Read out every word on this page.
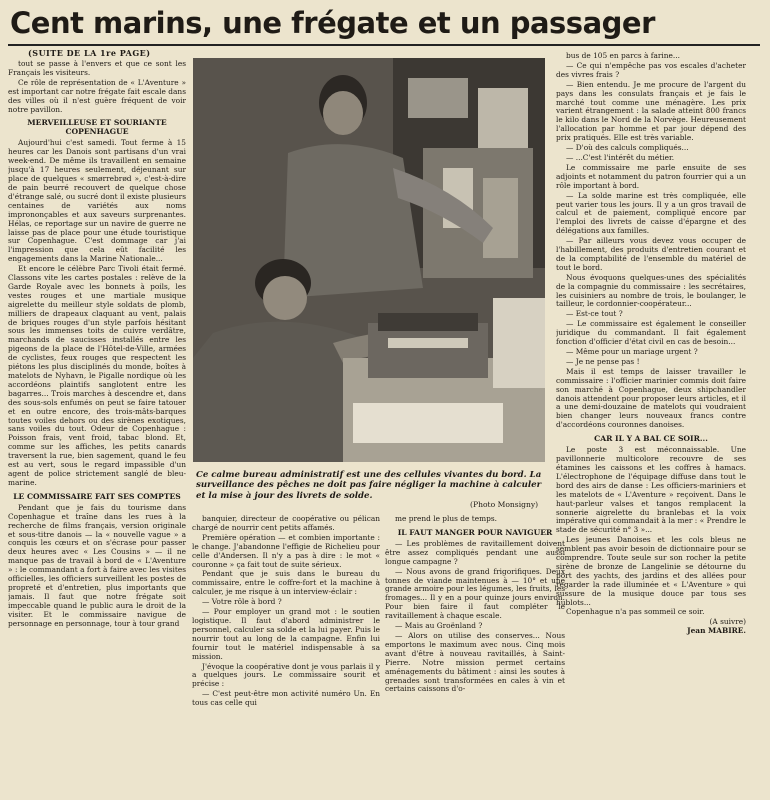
Cent marins, une frégate et un passager
(SUITE DE LA 1re PAGE)

tout se passe à l'envers et que ce sont les Français les visiteurs.

Ce rôle de représentation de « L'Aventure » est important car notre frégate fait escale dans des villes où il n'est guère fréquent de voir notre pavillon.

MERVEILLEUSE ET SOURIANTE COPENHAGUE

Aujourd'hui c'est samedi. Tout ferme à 15 heures car les Danois sont partisans d'un vrai week-end. De même ils travaillent en semaine jusqu'à 17 heures seulement, déjeunant sur place de quelques « smørrebrød », c'est-à-dire de pain beurré recouvert de quelque chose d'étrange salé, ou sucré dont il existe plusieurs centaines de variétés aux noms imprononçables et aux saveurs surprenantes. Hélas, ce reportage sur un navire de guerre ne laisse pas de place pour une étude touristique sur Copenhague. C'est dommage car j'ai l'impression que cela eût facilité les engagements dans la Marine Nationale...

Et encore le célèbre Parc Tivoli était fermé. Classons vite les cartes postales : relève de la Garde Royale avec les bonnets à poils, les vestes rouges et une martiale musique aigrelette du meilleur style soldats de plomb, milliers de drapeaux claquant au vent, palais de briques rouges d'un style parfois hésitant sous les immenses toits de cuivre verdâtre, marchands de saucisses installés entre les pigeons de la place de l'Hôtel-de-Ville, armées de cyclistes, feux rouges que respectent les piétons les plus disciplinés du monde, boîtes à matelots de Nyhavn, le Pigalle nordique où les accordéons plaintifs sanglotent entre les bagarres... Trois marches à descendre et, dans des sous-sols enfumés on peut se faire tatouer et en outre encore, des trois-mâts-barques toutes voiles dehors ou des sirènes exotiques, sans voiles du tout. Odeur de Copenhague : Poisson frais, vent froid, tabac blond. Et, comme sur les affiches, les petits canards traversent la rue, bien sagement, quand le feu est au vert, sous le regard impassible d'un agent de police strictement sanglé de bleu-marine.

LE COMMISSAIRE FAIT SES COMPTES

Pendant que je fais du tourisme dans Copenhague et traîne dans les rues à la recherche de films français, version originale et sous-titre danois — la « nouvelle vague » a conquis les cœurs et on s'écrase pour passer deux heures avec « Les Cousins » — il ne manque pas de travail à bord de « L'Aventure » : le commandant a fort à faire avec les visites officielles, les officiers surveillent les postes de propreté et d'entretien, plus importants que jamais. Il faut que notre frégate soit impeccable quand le public aura le droit de la visiter. Et le commissaire navigue de personnage en personnage, tour à tour grand

Ce calme bureau administratif est une des cellules vivantes du bord. La surveillance des pêches ne doit pas faire négliger la machine à calculer et la mise à jour des livrets de solde.
(Photo Monsigny)

banquier, directeur de coopérative ou pélican chargé de nourrir cent petits affamés.

Première opération — et combien importante : le change. J'abandonne l'effigie de Richelieu pour celle d'Andersen. Il n'y a pas à dire : le mot « couronne » ça fait tout de suite sérieux.

Pendant que je suis dans le bureau du commissaire, entre le coffre-fort et la machine à calculer, je me risque à un interview-éclair :

— Votre rôle à bord ?

— Pour employer un grand mot : le soutien logistique. Il faut d'abord administrer le personnel, calculer sa solde et la lui payer. Puis le nourrir tout au long de la campagne. Enfin lui fournir tout le matériel indispensable à sa mission.

J'évoque la coopérative dont je vous parlais il y a quelques jours. Le commissaire sourit et précise :

— C'est peut-être mon activité numéro Un. En tous cas celle qui

me prend le plus de temps.

IL FAUT MANGER POUR NAVIGUER

— Les problèmes de ravitaillement doivent être assez compliqués pendant une aussi longue campagne ?

— Nous avons de grand frigorifiques. Deux tonnes de viande maintenues à — 10° et une grande armoire pour les légumes, les fruits, les fromages... Il y en a pour quinze jours environ. Pour bien faire il faut compléter le ravitaillement à chaque escale.

— Mais au Groënland ?

— Alors on utilise des conserves... Nous emportons le maximum avec nous. Cinq mois avant d'être à nouveau ravitaillés, à Saint-Pierre. Notre mission permet certains aménagements du bâtiment : ainsi les soutes à grenades sont transformées en cales à vin et certains caissons d'o-

bus de 105 en parcs à farine...

— Ce qui n'empêche pas vos escales d'acheter des vivres frais ?

— Bien entendu. Je me procure de l'argent du pays dans les consulats français et je fais le marché tout comme une ménagère. Les prix varient étrangement : la salade atteint 800 francs le kilo dans le Nord de la Norvège. Heureusement l'allocation par homme et par jour dépend des prix pratiqués. Elle est très variable.

— D'où des calculs compliqués...

— ...C'est l'intérêt du métier.

Le commissaire me parle ensuite de ses adjoints et notamment du patron fourrier qui a un rôle important à bord.

— La solde marine est très compliquée, elle peut varier tous les jours. Il y a un gros travail de calcul et de paiement, compliqué encore par l'emploi des livrets de caisse d'épargne et des délégations aux familles.

— Par ailleurs vous devez vous occuper de l'habillement, des produits d'entretien courant et de la comptabilité de l'ensemble du matériel de tout le bord.

Nous évoquons quelques-unes des spécialités de la compagnie du commissaire : les secrétaires, les cuisiniers au nombre de trois, le boulanger, le tailleur, le cordonnier-coopérateur...

— Est-ce tout ?

— Le commissaire est également le conseiller juridique du commandant. Il fait également fonction d'officier d'état civil en cas de besoin...

— Même pour un mariage urgent ?

— Je ne pense pas !

Mais il est temps de laisser travailler le commissaire : l'officier marinier commis doit faire son marché à Copenhague, deux shipchandler danois attendent pour proposer leurs articles, et il a une demi-douzaine de matelots qui voudraient bien changer leurs nouveaux francs contre d'accordéons couronnes danoises.

CAR IL Y A BAL CE SOIR...

Le poste 3 est méconnaissable. Une pavillonnerie multicolore recouvre de ses étamines les caissons et les coffres à hamacs. L'électrophone de l'équipage diffuse dans tout le bord des airs de danse : Les officiers-mariniers et les matelots de « L'Aventure » reçoivent. Dans le haut-parleur valses et tangos remplacent la sonnerie aigrelette du branlebas et la voix impérative qui commandait à la mer : « Prendre le stade de sécurité n° 3 »...

Les jeunes Danoises et les cols bleus ne semblent pas avoir besoin de dictionnaire pour se comprendre. Toute seule sur son rocher la petite sirène de bronze de Langelinie se détourne du port des yachts, des jardins et des allées pour regarder la rade illuminée et « L'Aventure » qui sussure de la musique douce par tous ses hublots...

Copenhague n'a pas sommeil ce soir.

(A suivre)
Jean MABIRE.
